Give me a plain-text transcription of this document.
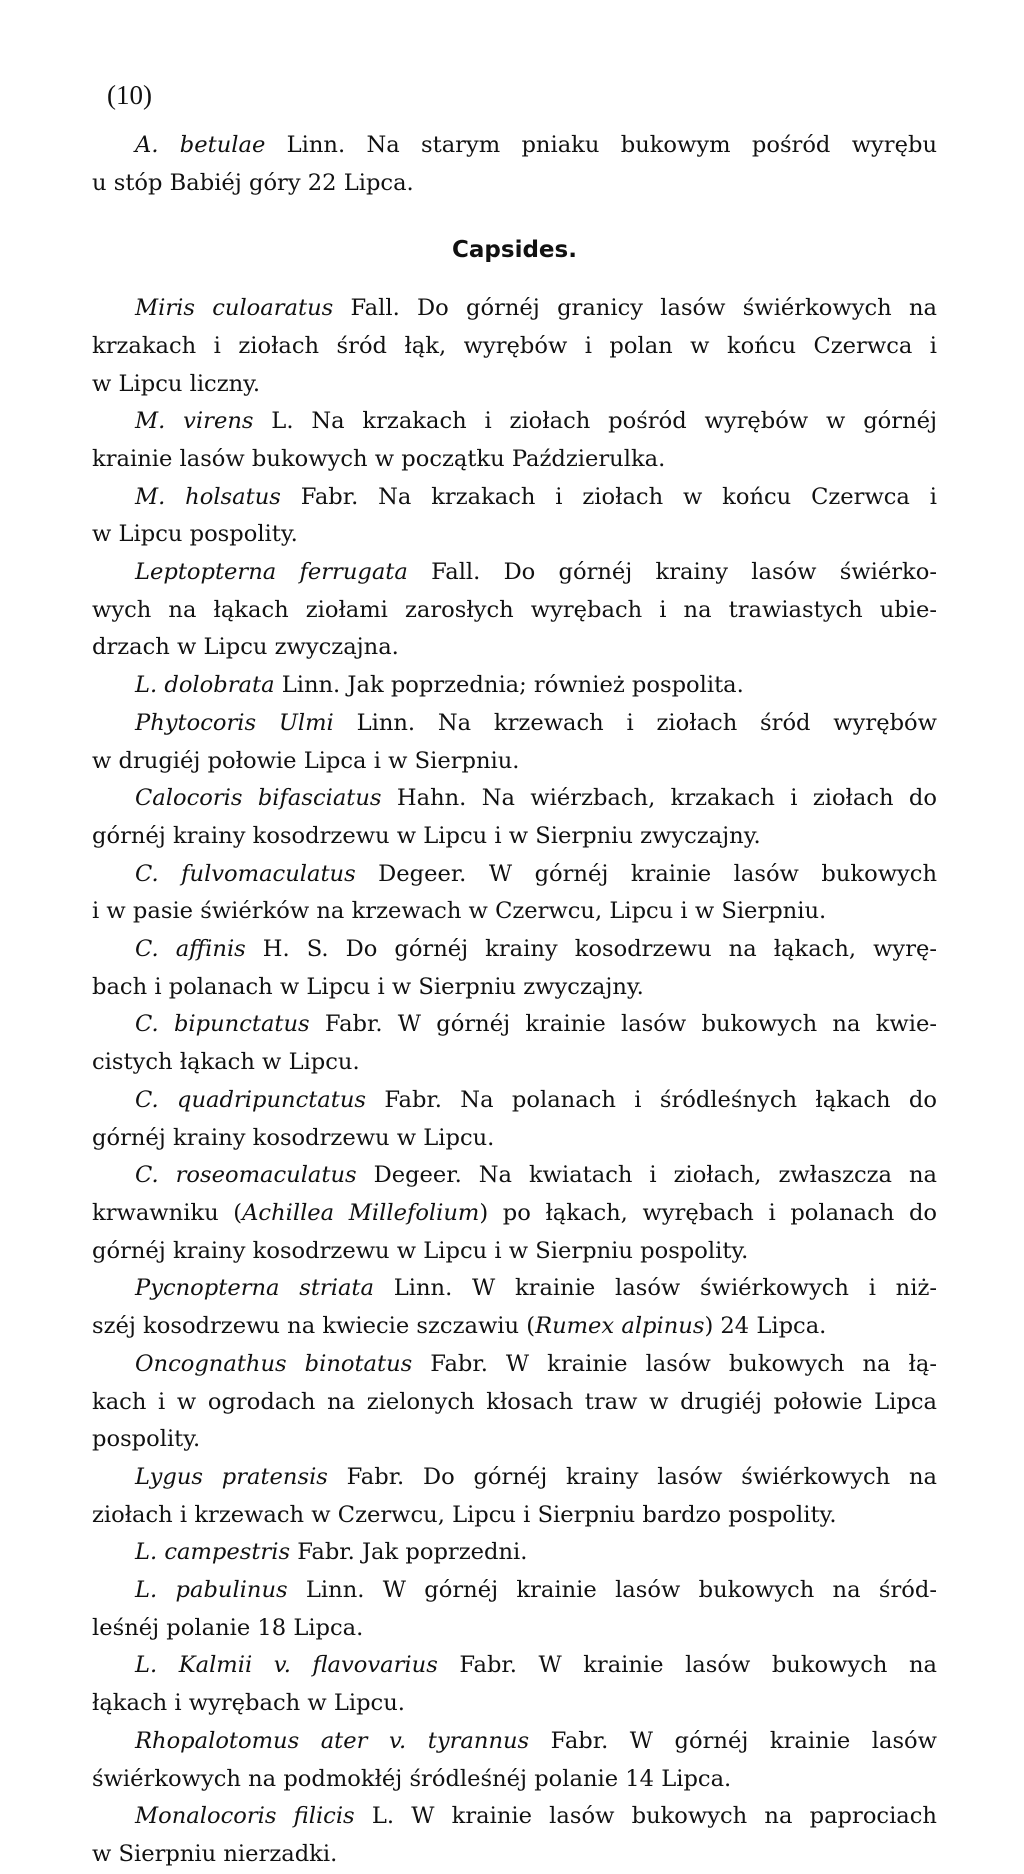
(10)
A. betulae Linn. Na starym pniaku bukowym pośród wyrębu
u stóp Babiéj góry 22 Lipca.
Capsides.
Miris culoaratus Fall. Do górnéj granicy lasów świérkowych na
krzakach i ziołach śród łąk, wyrębów i polan w końcu Czerwca i
w Lipcu liczny.
M. virens L. Na krzakach i ziołach pośród wyrębów w górnéj
krainie lasów bukowych w początku Paździerulka.
M. holsatus Fabr. Na krzakach i ziołach w końcu Czerwca i
w Lipcu pospolity.
Leptopterna ferrugata Fall. Do górnéj krainy lasów świérko-
wych na łąkach ziołami zarosłych wyrębach i na trawiastych ubie-
drzach w Lipcu zwyczajna.
L. dolobrata Linn. Jak poprzednia; również pospolita.
Phytocoris Ulmi Linn. Na krzewach i ziołach śród wyrębów
w drugiéj połowie Lipca i w Sierpniu.
Calocoris bifasciatus Hahn. Na wiérzbach, krzakach i ziołach do
górnéj krainy kosodrzewu w Lipcu i w Sierpniu zwyczajny.
C. fulvomaculatus Degeer. W górnéj krainie lasów bukowych
i w pasie świérków na krzewach w Czerwcu, Lipcu i w Sierpniu.
C. affinis H. S. Do górnéj krainy kosodrzewu na łąkach, wyrę-
bach i polanach w Lipcu i w Sierpniu zwyczajny.
C. bipunctatus Fabr. W górnéj krainie lasów bukowych na kwie-
cistych łąkach w Lipcu.
C. quadripunctatus Fabr. Na polanach i śródleśnych łąkach do
górnéj krainy kosodrzewu w Lipcu.
C. roseomaculatus Degeer. Na kwiatach i ziołach, zwłaszcza na
krwawniku (Achillea Millefolium) po łąkach, wyrębach i polanach do
górnéj krainy kosodrzewu w Lipcu i w Sierpniu pospolity.
Pycnopterna striata Linn. W krainie lasów świérkowych i niż-
széj kosodrzewu na kwiecie szczawiu (Rumex alpinus) 24 Lipca.
Oncognathus binotatus Fabr. W krainie lasów bukowych na łą-
kach i w ogrodach na zielonych kłosach traw w drugiéj połowie Lipca
pospolity.
Lygus pratensis Fabr. Do górnéj krainy lasów świérkowych na
ziołach i krzewach w Czerwcu, Lipcu i Sierpniu bardzo pospolity.
L. campestris Fabr. Jak poprzedni.
L. pabulinus Linn. W górnéj krainie lasów bukowych na śród-
leśnéj polanie 18 Lipca.
L. Kalmii v. flavovarius Fabr. W krainie lasów bukowych na
łąkach i wyrębach w Lipcu.
Rhopalotomus ater v. tyrannus Fabr. W górnéj krainie lasów
świérkowych na podmokłéj śródleśnéj polanie 14 Lipca.
Monalocoris filicis L. W krainie lasów bukowych na paprociach
w Sierpniu nierzadki.
